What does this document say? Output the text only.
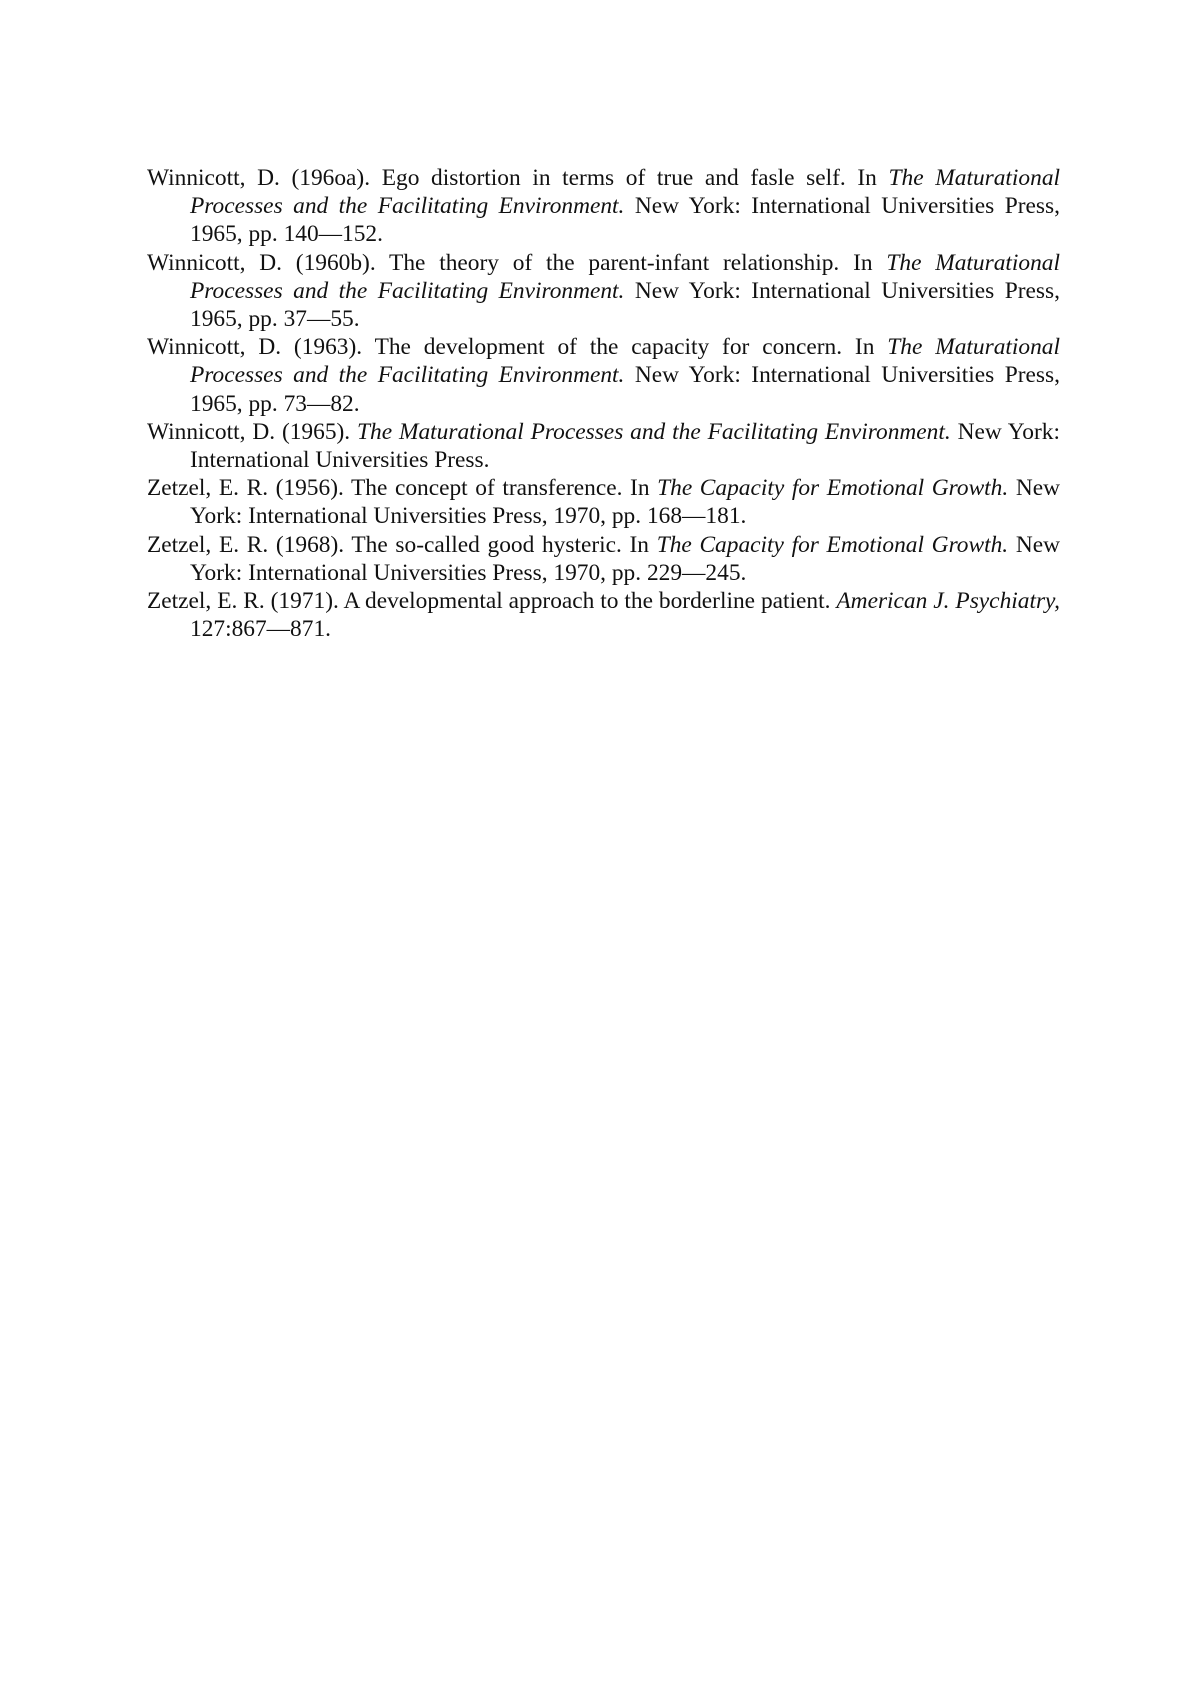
Winnicott, D. (196oa). Ego distortion in terms of true and fasle self. In The Maturational Processes and the Facilitating Environment. New York: International Universities Press, 1965, pp. 140—152.
Winnicott, D. (1960b). The theory of the parent-infant relationship. In The Maturational Processes and the Facilitating Environment. New York: International Universities Press, 1965, pp. 37—55.
Winnicott, D. (1963). The development of the capacity for concern. In The Maturational Processes and the Facilitating Environment. New York: International Universities Press, 1965, pp. 73—82.
Winnicott, D. (1965). The Maturational Processes and the Facilitating Environment. New York: International Universities Press.
Zetzel, E. R. (1956). The concept of transference. In The Capacity for Emotional Growth. New York: International Universities Press, 1970, pp. 168—181.
Zetzel, E. R. (1968). The so-called good hysteric. In The Capacity for Emotional Growth. New York: International Universities Press, 1970, pp. 229—245.
Zetzel, E. R. (1971). A developmental approach to the borderline patient. American J. Psychiatry, 127:867—871.
